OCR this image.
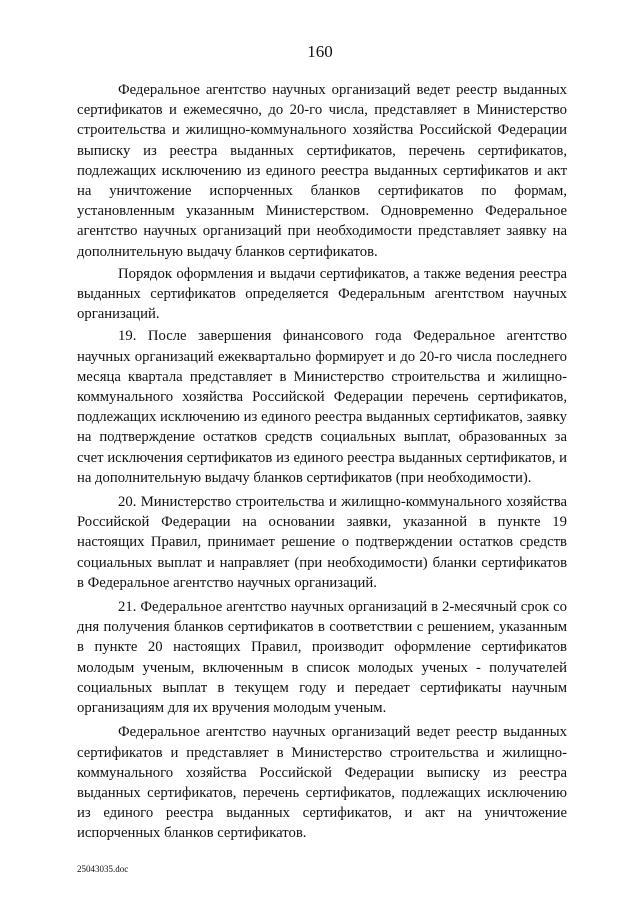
160

Федеральное агентство научных организаций ведет реестр выданных сертификатов и ежемесячно, до 20-го числа, представляет в Министерство строительства и жилищно-коммунального хозяйства Российской Федерации выписку из реестра выданных сертификатов, перечень сертификатов, подлежащих исключению из единого реестра выданных сертификатов и акт на уничтожение испорченных бланков сертификатов по формам, установленным указанным Министерством. Одновременно Федеральное агентство научных организаций при необходимости представляет заявку на дополнительную выдачу бланков сертификатов.

Порядок оформления и выдачи сертификатов, а также ведения реестра выданных сертификатов определяется Федеральным агентством научных организаций.

19. После завершения финансового года Федеральное агентство научных организаций ежеквартально формирует и до 20-го числа последнего месяца квартала представляет в Министерство строительства и жилищно-коммунального хозяйства Российской Федерации перечень сертификатов, подлежащих исключению из единого реестра выданных сертификатов, заявку на подтверждение остатков средств социальных выплат, образованных за счет исключения сертификатов из единого реестра выданных сертификатов, и на дополнительную выдачу бланков сертификатов (при необходимости).

20. Министерство строительства и жилищно-коммунального хозяйства Российской Федерации на основании заявки, указанной в пункте 19 настоящих Правил, принимает решение о подтверждении остатков средств социальных выплат и направляет (при необходимости) бланки сертификатов в Федеральное агентство научных организаций.

21. Федеральное агентство научных организаций в 2-месячный срок со дня получения бланков сертификатов в соответствии с решением, указанным в пункте 20 настоящих Правил, производит оформление сертификатов молодым ученым, включенным в список молодых ученых - получателей социальных выплат в текущем году и передает сертификаты научным организациям для их вручения молодым ученым.

Федеральное агентство научных организаций ведет реестр выданных сертификатов и представляет в Министерство строительства и жилищно-коммунального хозяйства Российской Федерации выписку из реестра выданных сертификатов, перечень сертификатов, подлежащих исключению из единого реестра выданных сертификатов, и акт на уничтожение испорченных бланков сертификатов.

25043035.doc
